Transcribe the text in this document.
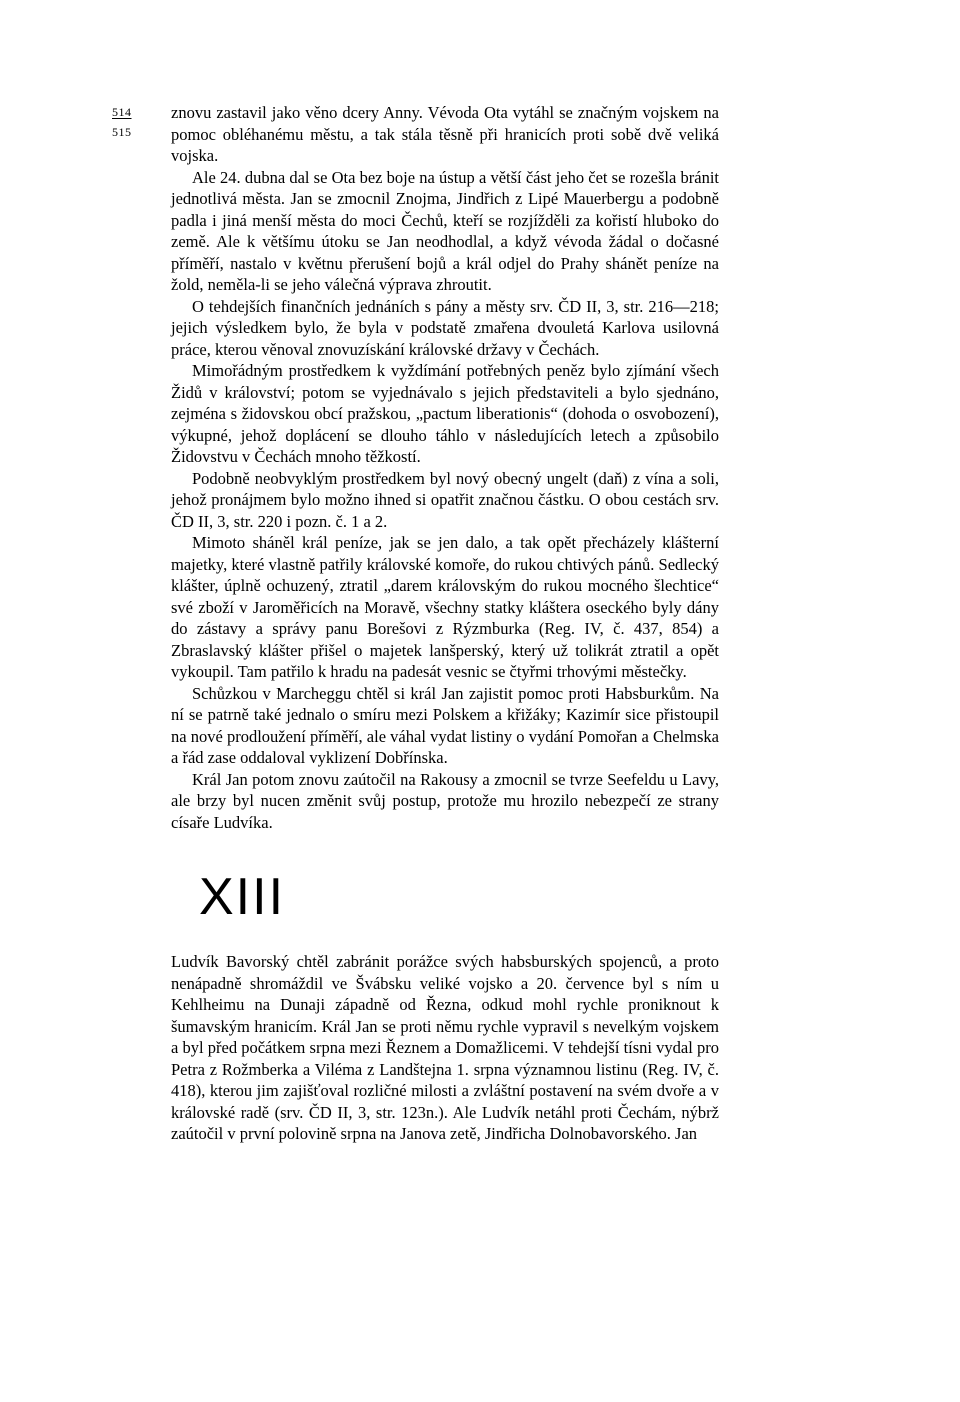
514
515

znovu zastavil jako věno dcery Anny. Vévoda Ota vytáhl se značným vojskem na pomoc obléhanému městu, a tak stála těsně při hranicích proti sobě dvě veliká vojska.

Ale 24. dubna dal se Ota bez boje na ústup a větší část jeho čet se rozešla bránit jednotlivá města. Jan se zmocnil Znojma, Jindřich z Lipé Mauerbergu a podobně padla i jiná menší města do moci Čechů, kteří se rozjížděli za kořistí hluboko do země. Ale k většímu útoku se Jan neodhodlal, a když vévoda žádal o dočasné příměří, nastalo v květnu přerušení bojů a král odjel do Prahy shánět peníze na žold, neměla-li se jeho válečná výprava zhroutit.

O tehdejších finančních jednáních s pány a městy srv. ČD II, 3, str. 216—218; jejich výsledkem bylo, že byla v podstatě zmařena dvouletá Karlova usilovná práce, kterou věnoval znovuzískání královské državy v Čechách.

Mimořádným prostředkem k vyždímání potřebných peněz bylo zjímání všech Židů v království; potom se vyjednávalo s jejich představiteli a bylo sjednáno, zejména s židovskou obcí pražskou, „pactum liberationis“ (dohoda o osvobození), výkupné, jehož doplácení se dlouho táhlo v následujících letech a způsobilo Židovstvu v Čechách mnoho těžkostí.

Podobně neobvyklým prostředkem byl nový obecný ungelt (daň) z vína a soli, jehož pronájmem bylo možno ihned si opatřit značnou částku. O obou cestách srv. ČD II, 3, str. 220 i pozn. č. 1 a 2.

Mimoto sháněl král peníze, jak se jen dalo, a tak opět přecházely klášterní majetky, které vlastně patřily královské komoře, do rukou chtivých pánů. Sedlecký klášter, úplně ochuzený, ztratil „darem královským do rukou mocného šlechtice“ své zboží v Jaroměřicích na Moravě, všechny statky kláštera oseckého byly dány do zástavy a správy panu Borešovi z Rýzmburka (Reg. IV, č. 437, 854) a Zbraslavský klášter přišel o majetek lanšperský, který už tolikrát ztratil a opět vykoupil. Tam patřilo k hradu na padesát vesnic se čtyřmi trhovými městečky.

Schůzkou v Marcheggu chtěl si král Jan zajistit pomoc proti Habsburkům. Na ní se patrně také jednalo o smíru mezi Polskem a křižáky; Kazimír sice přistoupil na nové prodloužení příměří, ale váhal vydat listiny o vydání Pomořan a Chelmska a řád zase oddaloval vyklizení Dobřínska.

Král Jan potom znovu zaútočil na Rakousy a zmocnil se tvrze Seefeldu u Lavy, ale brzy byl nucen změnit svůj postup, protože mu hrozilo nebezpečí ze strany císaře Ludvíka.

XIII

Ludvík Bavorský chtěl zabránit porážce svých habsburských spojenců, a proto nenápadně shromáždil ve Švábsku veliké vojsko a 20. července byl s ním u Kehlheimu na Dunaji západně od Řezna, odkud mohl rychle proniknout k šumavským hranicím. Král Jan se proti němu rychle vypravil s nevelkým vojskem a byl před počátkem srpna mezi Řeznem a Domažlicemi. V tehdejší tísni vydal pro Petra z Rožmberka a Viléma z Landštejna 1. srpna významnou listinu (Reg. IV, č. 418), kterou jim zajišťoval rozličné milosti a zvláštní postavení na svém dvoře a v královské radě (srv. ČD II, 3, str. 123n.). Ale Ludvík netáhl proti Čechám, nýbrž zaútočil v první polovině srpna na Janova zetě, Jindřicha Dolnobavorského. Jan
